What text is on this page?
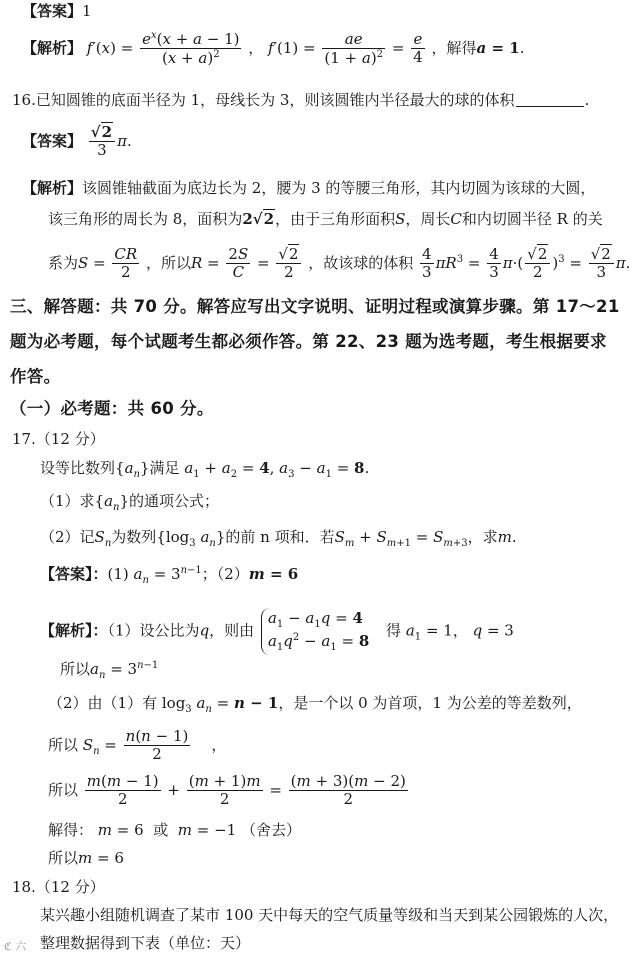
【答案】1
【解析】 $f'(x) = \frac{e^x(x + a - 1)}{(x + a)^2}$ ， $f'(1) = \frac{ae}{(1 + a)^2} = \frac{e}{4}$ ，解得a = 1.
16.已知圆锥的底面半径为 1，母线长为 3，则该圆锥内半径最大的球的体积	.
【答案】 $\frac{√2}{3} \pi$.
【解析】该圆锥轴截面为底边长为 2，腰为 3 的等腰三角形，其内切圆为该球的大圆，
该三角形的周长为 8，面积为2√2，由于三角形面积S，周长C和内切圆半径 R 的关
系为$S = \frac{CR}{2}$ ，所以$R = \frac{2S}{C} = \frac{√2}{2}$ ，故该球的体积 $\frac{4}{3} \pi R^3 = \frac{4}{3} \pi\cdot( \frac{√2}{2} )^3 = \frac{√2}{3} \pi$.
三、解答题：共 70 分。解答应写出文字说明、证明过程或演算步骤。第 17～21
题为必考题，每个试题考生都必须作答。第 22、23 题为选考题，考生根据要求
作答。
（一）必考题：共 60 分。
17.（12 分）
设等比数列$\{a_n\}$满足 $a_1 + a_2 = 4$, $a_3 - a_1 = 8$.
（1）求$\{a_n\}$的通项公式；
（2）记$S_n$为数列{$\log_3$ $a_n$}的前 n 项和．若$S_m + S_{m+1} = S_{m+3}$，求m.
【答案】：(1) $a_n = 3^{n-1}$；（2）m = 6
【解析】：（1）设公比为q，则由 $a_1 - a_1q = 4$
$a_1q^2 - a_1 = 8$ 得 $a_1 = 1$， q = 3
所以$a_n = 3^{n-1}$
（2）由（1）有 $\log_3 a_n = n - 1$，是一个以 0 为首项，1 为公差的等差数列，
所以 $S_n = \frac{n(n - 1)}{2}$ ，
所以 $\frac{m(m - 1)}{2} + \frac{(m + 1)m}{2} = \frac{(m + 3)(m - 2)}{2}$
解得： m = 6  或 m = −1 （舍去）
所以m = 6
18.（12 分）
某兴趣小组随机调查了某市 100 天中每天的空气质量等级和当天到某公园锻炼的人次，
整理数据得到下表（单位：天）
ℭ 六
